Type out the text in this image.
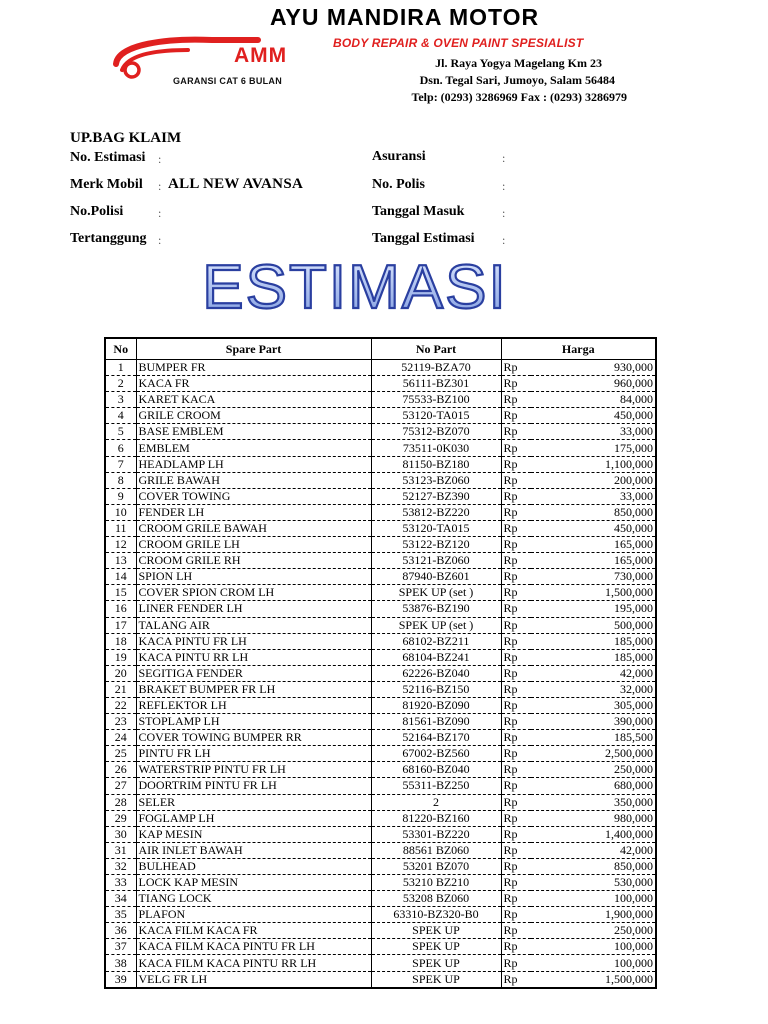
AMM
GARANSI CAT 6 BULAN
AYU MANDIRA MOTOR
BODY REPAIR & OVEN PAINT SPESIALIST
Jl. Raya Yogya Magelang Km 23
Dsn. Tegal Sari, Jumoyo, Salam 56484
Telp: (0293) 3286969 Fax : (0293) 3286979
UP.BAG KLAIM
No. Estimasi :
Merk Mobil : ALL NEW AVANSA
No.Polisi	:
Tertanggung :
Asuransi	:
No. Polis	:
Tanggal Masuk	:
Tanggal Estimasi :
ESTIMASI
No	Spare Part	No Part	Harga	
1	BUMPER FR	52119-BZA70	Rp	930,000
2	KACA FR	56111-BZ301	Rp	960,000
3	KARET KACA	75533-BZ100	Rp	84,000
4	GRILE CROOM	53120-TA015	Rp	450,000
5	BASE EMBLEM	75312-BZ070	Rp	33,000
6	EMBLEM	73511-0K030	Rp	175,000
7	HEADLAMP LH	81150-BZ180	Rp	1,100,000
8	GRILE BAWAH	53123-BZ060	Rp	200,000
9	COVER TOWING	52127-BZ390	Rp	33,000
10	FENDER LH	53812-BZ220	Rp	850,000
11	CROOM GRILE BAWAH	53120-TA015	Rp	450,000
12	CROOM GRILE LH	53122-BZ120	Rp	165,000
13	CROOM GRILE RH	53121-BZ060	Rp	165,000
14	SPION LH	87940-BZ601	Rp	730,000
15	COVER SPION CROM LH	SPEK UP (set )	Rp	1,500,000
16	LINER FENDER LH	53876-BZ190	Rp	195,000
17	TALANG AIR	SPEK UP (set )	Rp	500,000
18	KACA PINTU FR LH	68102-BZ211	Rp	185,000
19	KACA PINTU RR LH	68104-BZ241	Rp	185,000
20	SEGITIGA FENDER	62226-BZ040	Rp	42,000
21	BRAKET BUMPER FR LH	52116-BZ150	Rp	32,000
22	REFLEKTOR LH	81920-BZ090	Rp	305,000
23	STOPLAMP LH	81561-BZ090	Rp	390,000
24	COVER TOWING BUMPER RR	52164-BZ170	Rp	185,500
25	PINTU FR LH	67002-BZ560	Rp	2,500,000
26	WATERSTRIP PINTU FR LH	68160-BZ040	Rp	250,000
27	DOORTRIM PINTU FR LH	55311-BZ250	Rp	680,000
28	SELER	2	Rp	350,000
29	FOGLAMP LH	81220-BZ160	Rp	980,000
30	KAP MESIN	53301-BZ220	Rp	1,400,000
31	AIR INLET BAWAH	88561 BZ060	Rp	42,000
32	BULHEAD	53201 BZ070	Rp	850,000
33	LOCK KAP MESIN	53210 BZ210	Rp	530,000
34	TIANG LOCK	53208 BZ060	Rp	100,000
35	PLAFON	63310-BZ320-B0	Rp	1,900,000
36	KACA FILM KACA FR	SPEK UP	Rp	250,000
37	KACA FILM KACA PINTU FR LH	SPEK UP	Rp	100,000
38	KACA FILM KACA PINTU RR LH	SPEK UP	Rp	100,000
39	VELG FR LH	SPEK UP	Rp	1,500,000
